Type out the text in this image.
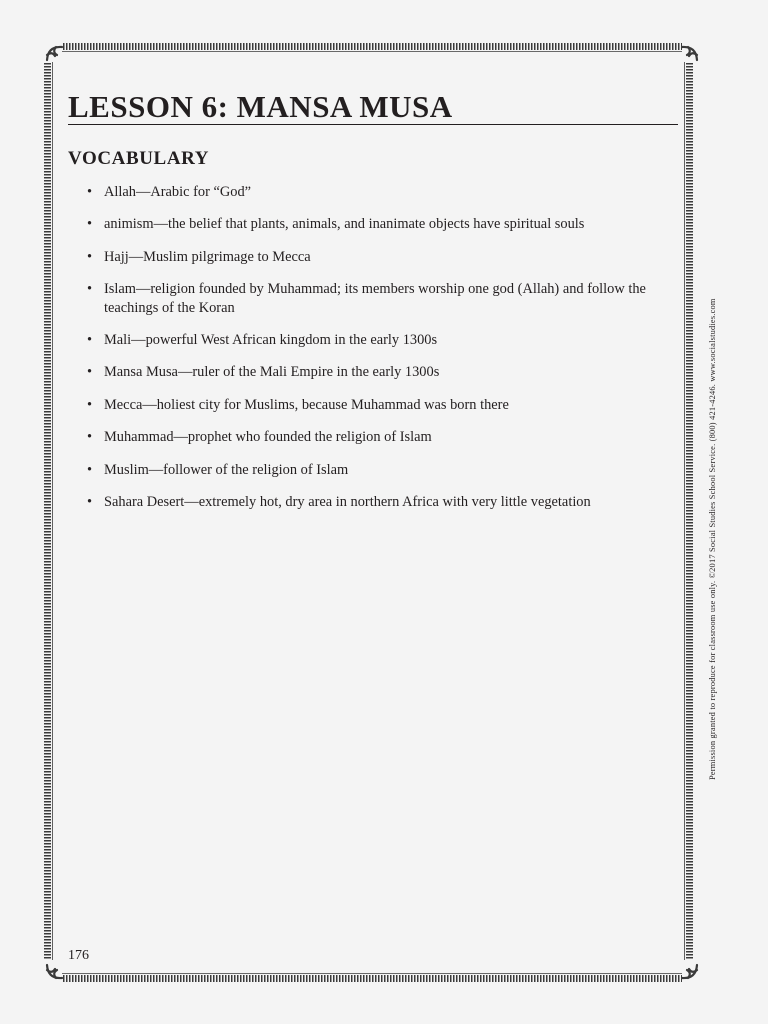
LESSON 6: MANSA MUSA
VOCABULARY
• Allah—Arabic for “God”
• animism—the belief that plants, animals, and inanimate objects have spiritual souls
• Hajj—Muslim pilgrimage to Mecca
• Islam—religion founded by Muhammad; its members worship one god (Allah) and follow the teachings of the Koran
• Mali—powerful West African kingdom in the early 1300s
• Mansa Musa—ruler of the Mali Empire in the early 1300s
• Mecca—holiest city for Muslims, because Muhammad was born there
• Muhammad—prophet who founded the religion of Islam
• Muslim—follower of the religion of Islam
• Sahara Desert—extremely hot, dry area in northern Africa with very little vegetation	Permission granted to reproduce for classroom use only. ©2017 Social Studies School Service. (800) 421-4246. www.socialstudies.com
176
